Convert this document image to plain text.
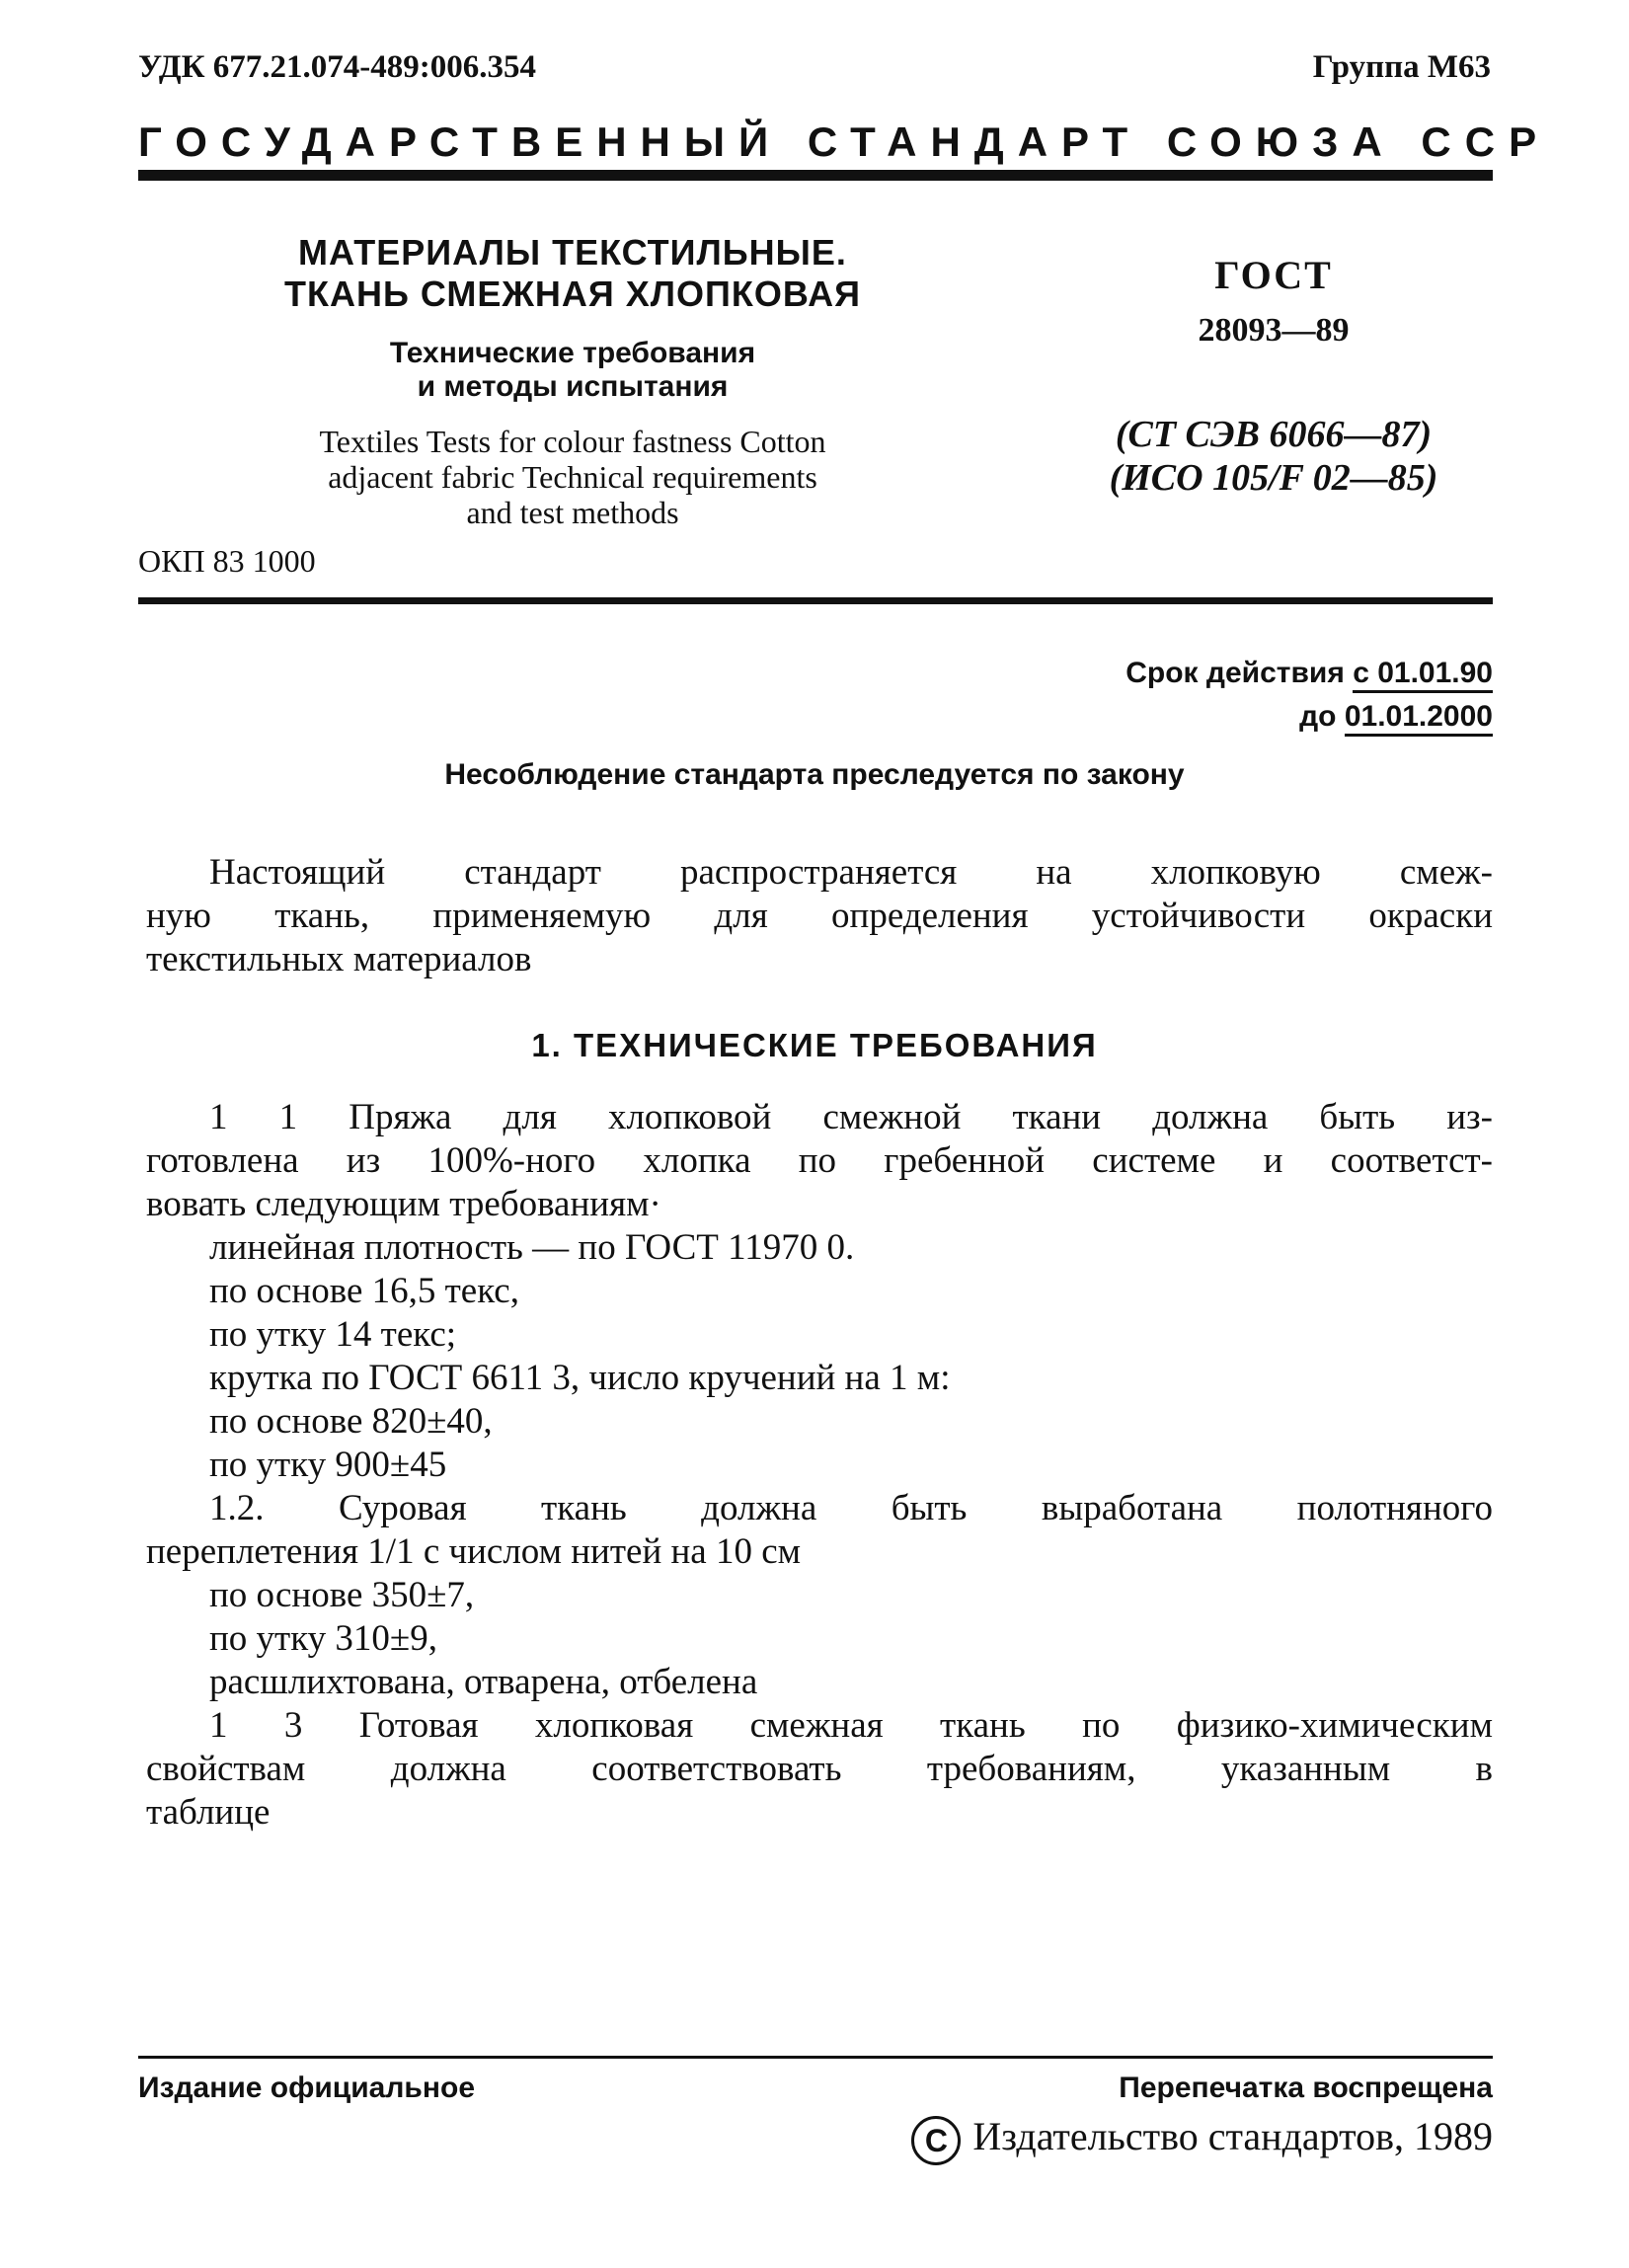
УДК 677.21.074-489:006.354	Группа М63
ГОСУДАРСТВЕННЫЙ СТАНДАРТ СОЮЗА ССР
МАТЕРИАЛЫ ТЕКСТИЛЬНЫЕ.
ТКАНЬ СМЕЖНАЯ ХЛОПКОВАЯ
Технические требования
и методы испытания
Textiles Tests for colour fastness Cotton
adjacent fabric Technical requirements
and test methods
ОКП 83 1000
ГОСТ
28093—89
(СТ СЭВ 6066—87)
(ИСО 105/F 02—85)
Срок действия с 01.01.90
до 01.01.2000
Несоблюдение стандарта преследуется по закону
Настоящий стандарт распространяется на хлопковую смеж-
ную ткань, применяемую для определения устойчивости окраски
текстильных материалов
1. ТЕХНИЧЕСКИЕ ТРЕБОВАНИЯ
1 1 Пряжа для хлопковой смежной ткани должна быть из-
готовлена из 100%-ного хлопка по гребенной системе и соответст-
вовать следующим требованиям·
линейная плотность — по ГОСТ 11970 0.
по основе 16,5 текс,
по утку 14 текс;
крутка по ГОСТ 6611 3, число кручений на 1 м:
по основе 820±40,
по утку 900±45
1.2. Суровая ткань должна быть выработана полотняного
переплетения 1/1 с числом нитей на 10 см
по основе 350±7,
по утку 310±9,
расшлихтована, отварена, отбелена
1 3 Готовая хлопковая смежная ткань по физико-химическим
свойствам должна соответствовать требованиям, указанным в
таблице
Издание официальное	Перепечатка воспрещена
С Издательство стандартов, 1989
